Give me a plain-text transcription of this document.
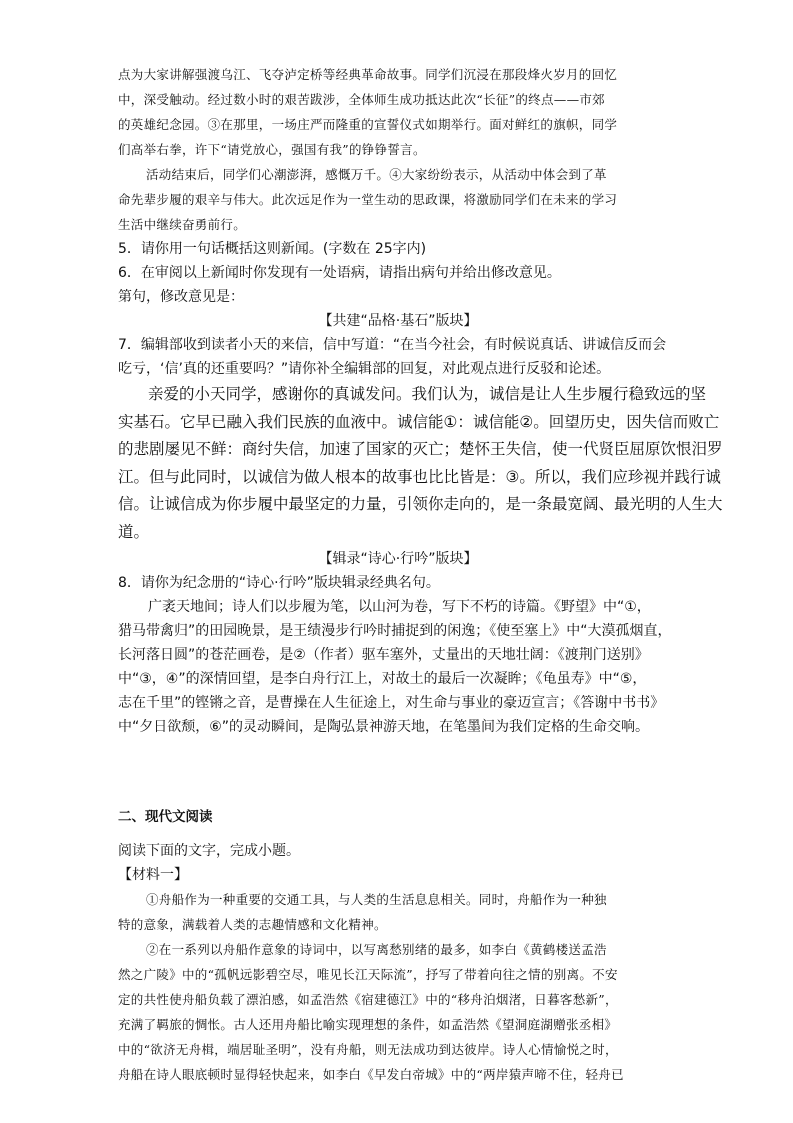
点为大家讲解强渡乌江、飞夺泸定桥等经典革命故事。同学们沉浸在那段烽火岁月的回忆
中，深受触动。经过数小时的艰苦跋涉，全体师生成功抵达此次“长征”的终点——市郊
的英雄纪念园。③在那里，一场庄严而隆重的宣誓仪式如期举行。面对鲜红的旗帜，同学
们高举右拳，许下“请党放心，强国有我”的铮铮誓言。
活动结束后，同学们心潮澎湃，感慨万千。④大家纷纷表示，从活动中体会到了革
命先辈步履的艰辛与伟大。此次远足作为一堂生动的思政课，将激励同学们在未来的学习
生活中继续奋勇前行。
5．请你用一句话概括这则新闻。(字数在 25字内)
6．在审阅以上新闻时你发现有一处语病，请指出病句并给出修改意见。
第句，修改意见是：
【共建“品格·基石”版块】
7．编辑部收到读者小天的来信，信中写道：“在当今社会，有时候说真话、讲诚信反而会
吃亏，‘信’真的还重要吗？”请你补全编辑部的回复，对此观点进行反驳和论述。
亲爱的小天同学，感谢你的真诚发问。我们认为，诚信是让人生步履行稳致远的坚
实基石。它早已融入我们民族的血液中。诚信能①：诚信能②。回望历史，因失信而败亡
的悲剧屡见不鲜：商纣失信，加速了国家的灭亡；楚怀王失信，使一代贤臣屈原饮恨汨罗
江。但与此同时，以诚信为做人根本的故事也比比皆是：③。所以，我们应珍视并践行诚
信。让诚信成为你步履中最坚定的力量，引领你走向的，是一条最宽阔、最光明的人生大
道。
【辑录“诗心·行吟”版块】
8．请你为纪念册的“诗心·行吟”版块辑录经典名句。
广袤天地间；诗人们以步履为笔，以山河为卷，写下不朽的诗篇。《野望》中“①，
猎马带禽归”的田园晚景，是王绩漫步行吟时捕捉到的闲逸；《使至塞上》中“大漠孤烟直，
长河落日圆”的苍茫画卷，是②（作者）驱车塞外，丈量出的天地壮阔：《渡荆门送别》
中“③，④”的深情回望，是李白舟行江上，对故土的最后一次凝眸；《龟虽寿》中“⑤，
志在千里”的铿锵之音，是曹操在人生征途上，对生命与事业的豪迈宣言；《答谢中书书》
中“夕日欲颓，⑥”的灵动瞬间，是陶弘景神游天地，在笔墨间为我们定格的生命交响。
二、现代文阅读
阅读下面的文字，完成小题。
【材料一】
①舟船作为一种重要的交通工具，与人类的生活息息相关。同时，舟船作为一种独
特的意象，满载着人类的志趣情感和文化精神。
②在一系列以舟船作意象的诗词中，以写离愁别绪的最多，如李白《黄鹤楼送孟浩
然之广陵》中的“孤帆远影碧空尽，唯见长江天际流”，抒写了带着向往之情的别离。不安
定的共性使舟船负载了漂泊感，如孟浩然《宿建德江》中的“移舟泊烟渚，日暮客愁新”，
充满了羁旅的惆怅。古人还用舟船比喻实现理想的条件，如孟浩然《望洞庭湖赠张丞相》
中的“欲济无舟楫，端居耻圣明”，没有舟船，则无法成功到达彼岸。诗人心情愉悦之时，
舟船在诗人眼底顿时显得轻快起来，如李白《早发白帝城》中的“两岸猿声啼不住，轻舟已
